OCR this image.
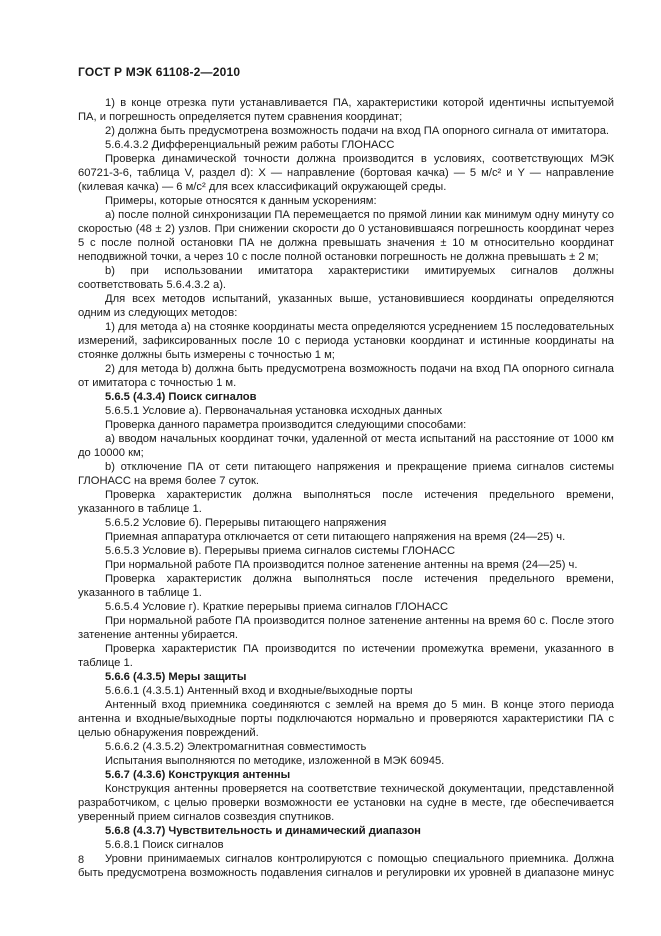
ГОСТ Р МЭК 61108-2—2010

1) в конце отрезка пути устанавливается ПА, характеристики которой идентичны испытуемой ПА, и погрешность определяется путем сравнения координат;

2) должна быть предусмотрена возможность подачи на вход ПА опорного сигнала от имитатора.

5.6.4.3.2 Дифференциальный режим работы ГЛОНАСС

Проверка динамической точности должна производится в условиях, соответствующих МЭК 60721-3-6, таблица V, раздел d): X — направление (бортовая качка) — 5 м/с² и Y — направление (килевая качка) — 6 м/с² для всех классификаций окружающей среды.

Примеры, которые относятся к данным ускорениям:

a) после полной синхронизации ПА перемещается по прямой линии как минимум одну минуту со скоростью (48 ± 2) узлов. При снижении скорости до 0 установившаяся погрешность координат через 5 с после полной остановки ПА не должна превышать значения ± 10 м относительно координат неподвижной точки, а через 10 с после полной остановки погрешность не должна превышать ± 2 м;

b) при использовании имитатора характеристики имитируемых сигналов должны соответствовать 5.6.4.3.2 а).

Для всех методов испытаний, указанных выше, установившиеся координаты определяются одним из следующих методов:

1) для метода а) на стоянке координаты места определяются усреднением 15 последовательных измерений, зафиксированных после 10 с периода установки координат и истинные координаты на стоянке должны быть измерены с точностью 1 м;

2) для метода b) должна быть предусмотрена возможность подачи на вход ПА опорного сигнала от имитатора с точностью 1 м.

5.6.5 (4.3.4) Поиск сигналов

5.6.5.1 Условие а). Первоначальная установка исходных данных

Проверка данного параметра производится следующими способами:

a) вводом начальных координат точки, удаленной от места испытаний на расстояние от 1000 км до 10000 км;

b) отключение ПА от сети питающего напряжения и прекращение приема сигналов системы ГЛОНАСС на время более 7 суток.

Проверка характеристик должна выполняться после истечения предельного времени, указанного в таблице 1.

5.6.5.2 Условие б). Перерывы питающего напряжения

Приемная аппаратура отключается от сети питающего напряжения на время (24—25) ч.

5.6.5.3 Условие в). Перерывы приема сигналов системы ГЛОНАСС

При нормальной работе ПА производится полное затенение антенны на время (24—25) ч.

Проверка характеристик должна выполняться после истечения предельного времени, указанного в таблице 1.

5.6.5.4 Условие г). Краткие перерывы приема сигналов ГЛОНАСС

При нормальной работе ПА производится полное затенение антенны на время 60 с. После этого затенение антенны убирается.

Проверка характеристик ПА производится по истечении промежутка времени, указанного в таблице 1.

5.6.6 (4.3.5) Меры защиты

5.6.6.1 (4.3.5.1) Антенный вход и входные/выходные порты

Антенный вход приемника соединяются с землей на время до 5 мин. В конце этого периода антенна и входные/выходные порты подключаются нормально и проверяются характеристики ПА с целью обнаружения повреждений.

5.6.6.2 (4.3.5.2) Электромагнитная совместимость

Испытания выполняются по методике, изложенной в МЭК 60945.

5.6.7 (4.3.6) Конструкция антенны

Конструкция антенны проверяется на соответствие технической документации, представленной разработчиком, с целью проверки возможности ее установки на судне в месте, где обеспечивается уверенный прием сигналов созвездия спутников.

5.6.8 (4.3.7) Чувствительность и динамический диапазон

5.6.8.1 Поиск сигналов

Уровни принимаемых сигналов контролируются с помощью специального приемника. Должна быть предусмотрена возможность подавления сигналов и регулировки их уровней в диапазоне минус

8
